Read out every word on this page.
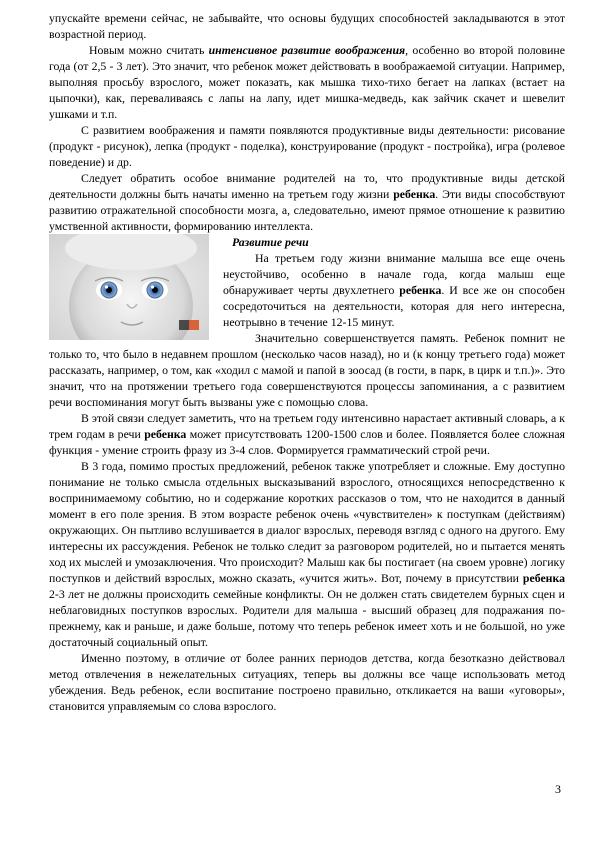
упускайте времени сейчас, не забывайте, что основы будущих способностей закладываются в этот возрастной период.

Новым можно считать интенсивное развитие воображения, особенно во второй половине года (от 2,5 - 3 лет). Это значит, что ребенок может действовать в воображаемой ситуации. Например, выполняя просьбу взрослого, может показать, как мышка тихо-тихо бегает на лапках (встает на цыпочки), как, переваливаясь с лапы на лапу, идет мишка-медведь, как зайчик скачет и шевелит ушками и т.п.

С развитием воображения и памяти появляются продуктивные виды деятельности: рисование (продукт - рисунок), лепка (продукт - поделка), конструирование (продукт - постройка), игра (ролевое поведение) и др.

Следует обратить особое внимание родителей на то, что продуктивные виды детской деятельности должны быть начаты именно на третьем году жизни ребенка. Эти виды способствуют развитию отражательной способности мозга, а, следовательно, имеют прямое отношение к развитию умственной активности, формированию интеллекта.

Развитие речи

На третьем году жизни внимание малыша все еще очень неустойчиво, особенно в начале года, когда малыш еще обнаруживает черты двухлетнего ребенка. И все же он способен сосредоточиться на деятельности, которая для него интересна, неотрывно в течение 12-15 минут.

Значительно совершенствуется память. Ребенок помнит не только то, что было в недавнем прошлом (несколько часов назад), но и (к концу третьего года) может рассказать, например, о том, как «ходил с мамой и папой в зоосад (в гости, в парк, в цирк и т.п.)». Это значит, что на протяжении третьего года совершенствуются процессы запоминания, а с развитием речи воспоминания могут быть вызваны уже с помощью слова.

В этой связи следует заметить, что на третьем году интенсивно нарастает активный словарь, а к трем годам в речи ребенка может присутствовать 1200-1500 слов и более. Появляется более сложная функция - умение строить фразу из 3-4 слов. Формируется грамматический строй речи.

В 3 года, помимо простых предложений, ребенок также употребляет и сложные. Ему доступно понимание не только смысла отдельных высказываний взрослого, относящихся непосредственно к воспринимаемому событию, но и содержание коротких рассказов о том, что не находится в данный момент в его поле зрения. В этом возрасте ребенок очень «чувствителен» к поступкам (действиям) окружающих. Он пытливо вслушивается в диалог взрослых, переводя взгляд с одного на другого. Ему интересны их рассуждения. Ребенок не только следит за разговором родителей, но и пытается менять ход их мыслей и умозаключения. Что происходит? Малыш как бы постигает (на своем уровне) логику поступков и действий взрослых, можно сказать, «учится жить». Вот, почему в присутствии ребенка 2-3 лет не должны происходить семейные конфликты. Он не должен стать свидетелем бурных сцен и неблаговидных поступков взрослых. Родители для малыша - высший образец для подражания по-прежнему, как и раньше, и даже больше, потому что теперь ребенок имеет хоть и не большой, но уже достаточный социальный опыт.

Именно поэтому, в отличие от более ранних периодов детства, когда безотказно действовал метод отвлечения в нежелательных ситуациях, теперь вы должны все чаще использовать метод убеждения. Ведь ребенок, если воспитание построено правильно, откликается на ваши «уговоры», становится управляемым со слова взрослого.

3
